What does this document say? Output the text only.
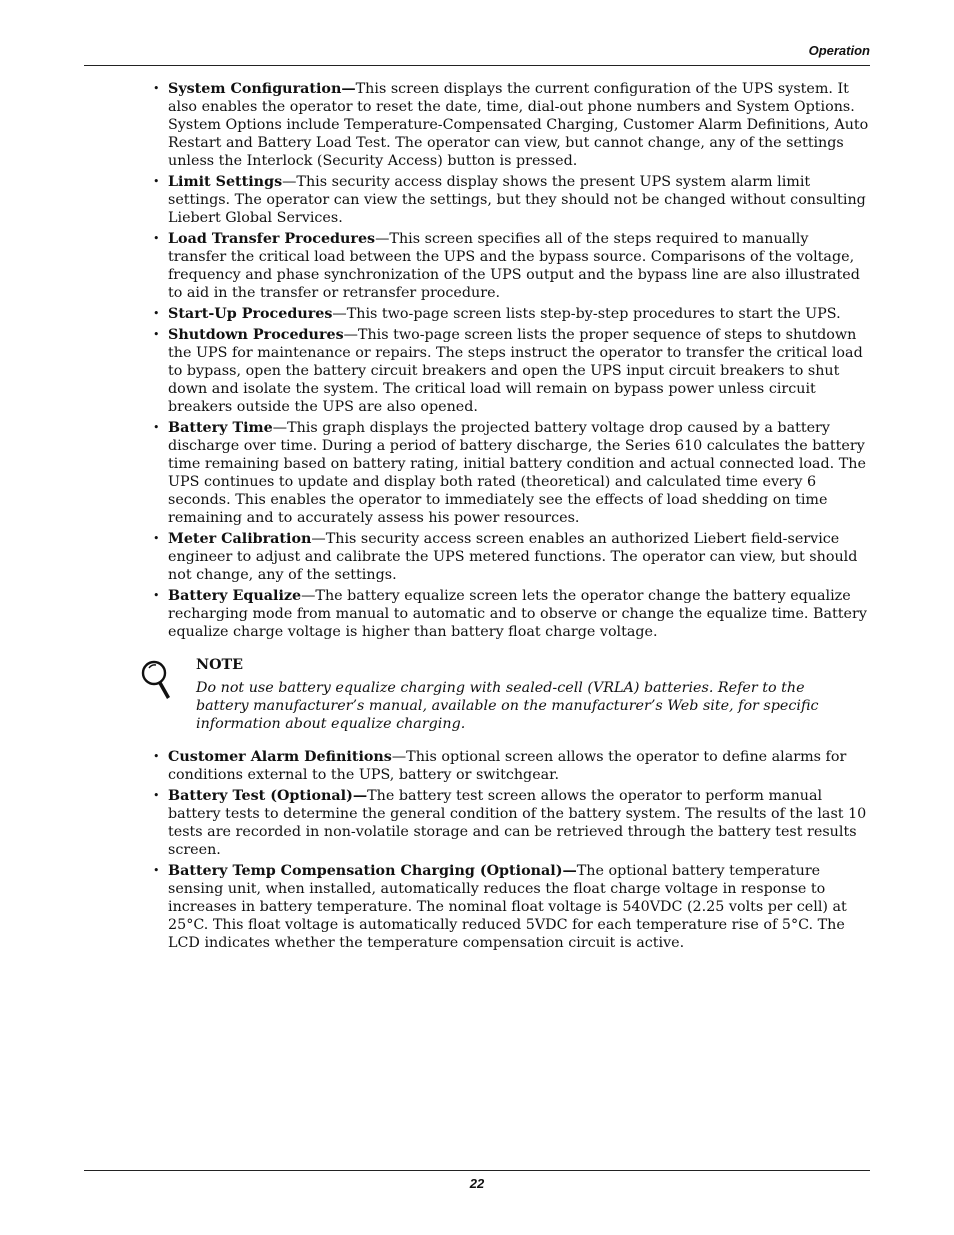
Operation
• System Configuration—This screen displays the current configuration of the UPS system. It also enables the operator to reset the date, time, dial-out phone numbers and System Options. System Options include Temperature-Compensated Charging, Customer Alarm Definitions, Auto Restart and Battery Load Test. The operator can view, but cannot change, any of the settings unless the Interlock (Security Access) button is pressed.
• Limit Settings—This security access display shows the present UPS system alarm limit settings. The operator can view the settings, but they should not be changed without consulting Liebert Global Services.
• Load Transfer Procedures—This screen specifies all of the steps required to manually transfer the critical load between the UPS and the bypass source. Comparisons of the voltage, frequency and phase synchronization of the UPS output and the bypass line are also illustrated to aid in the transfer or retransfer procedure.
• Start-Up Procedures—This two-page screen lists step-by-step procedures to start the UPS.
• Shutdown Procedures—This two-page screen lists the proper sequence of steps to shutdown the UPS for maintenance or repairs. The steps instruct the operator to transfer the critical load to bypass, open the battery circuit breakers and open the UPS input circuit breakers to shut down and isolate the system. The critical load will remain on bypass power unless circuit breakers outside the UPS are also opened.
• Battery Time—This graph displays the projected battery voltage drop caused by a battery discharge over time. During a period of battery discharge, the Series 610 calculates the battery time remaining based on battery rating, initial battery condition and actual connected load. The UPS continues to update and display both rated (theoretical) and calculated time every 6 seconds. This enables the operator to immediately see the effects of load shedding on time remaining and to accurately assess his power resources.
• Meter Calibration—This security access screen enables an authorized Liebert field-service engineer to adjust and calibrate the UPS metered functions. The operator can view, but should not change, any of the settings.
• Battery Equalize—The battery equalize screen lets the operator change the battery equalize recharging mode from manual to automatic and to observe or change the equalize time. Battery equalize charge voltage is higher than battery float charge voltage.
NOTE
Do not use battery equalize charging with sealed-cell (VRLA) batteries. Refer to the battery manufacturer’s manual, available on the manufacturer’s Web site, for specific information about equalize charging.
• Customer Alarm Definitions—This optional screen allows the operator to define alarms for conditions external to the UPS, battery or switchgear.
• Battery Test (Optional)—The battery test screen allows the operator to perform manual battery tests to determine the general condition of the battery system. The results of the last 10 tests are recorded in non-volatile storage and can be retrieved through the battery test results screen.
• Battery Temp Compensation Charging (Optional)—The optional battery temperature sensing unit, when installed, automatically reduces the float charge voltage in response to increases in battery temperature. The nominal float voltage is 540VDC (2.25 volts per cell) at 25°C. This float voltage is automatically reduced 5VDC for each temperature rise of 5°C. The LCD indicates whether the temperature compensation circuit is active.
22
